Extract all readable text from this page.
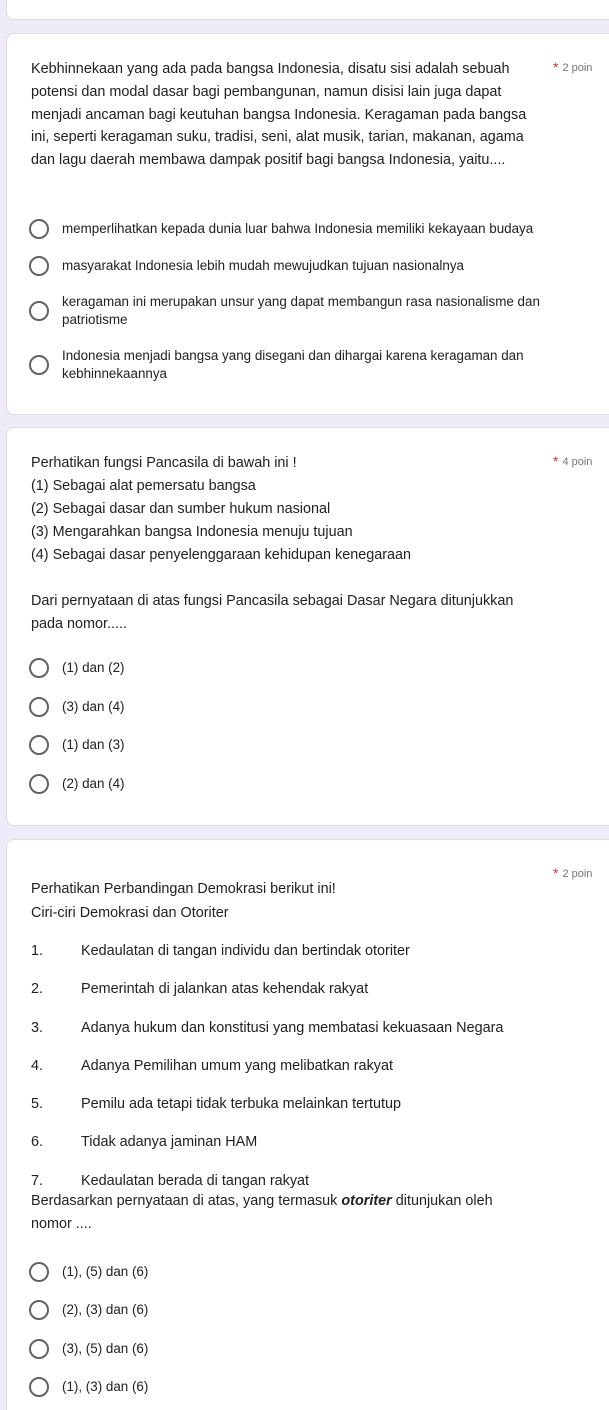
* 2 poin
Kebhinnekaan yang ada pada bangsa Indonesia, disatu sisi adalah sebuah potensi dan modal dasar bagi pembangunan, namun disisi lain juga dapat menjadi ancaman bagi keutuhan bangsa Indonesia. Keragaman pada bangsa ini, seperti keragaman suku, tradisi, seni, alat musik, tarian, makanan, agama dan lagu daerah membawa dampak positif bagi bangsa Indonesia, yaitu....
memperlihatkan kepada dunia luar bahwa Indonesia memiliki kekayaan budaya
masyarakat Indonesia lebih mudah mewujudkan tujuan nasionalnya
keragaman ini merupakan unsur yang dapat membangun rasa nasionalisme dan patriotisme
Indonesia menjadi bangsa yang disegani dan dihargai karena keragaman dan kebhinnekaannya
* 4 poin
Perhatikan fungsi Pancasila di bawah ini !
(1) Sebagai alat pemersatu bangsa
(2) Sebagai dasar dan sumber hukum nasional
(3) Mengarahkan bangsa Indonesia menuju tujuan
(4) Sebagai dasar penyelenggaraan kehidupan kenegaraan
Dari pernyataan di atas fungsi Pancasila sebagai Dasar Negara ditunjukkan pada nomor.....
(1) dan (2)
(3) dan (4)
(1) dan (3)
(2) dan (4)
* 2 poin
Perhatikan Perbandingan Demokrasi berikut ini!
Ciri-ciri Demokrasi dan Otoriter
1.	Kedaulatan di tangan individu dan bertindak otoriter
2.	Pemerintah di jalankan atas kehendak rakyat
3.	Adanya hukum dan konstitusi yang membatasi kekuasaan Negara
4.	Adanya Pemilihan umum yang melibatkan rakyat
5.	Pemilu ada tetapi tidak terbuka melainkan tertutup
6.	Tidak adanya jaminan HAM
7.	Kedaulatan berada di tangan rakyat
Berdasarkan pernyataan di atas, yang termasuk otoriter ditunjukan oleh nomor ....
(1), (5) dan (6)
(2), (3) dan (6)
(3), (5) dan (6)
(1), (3) dan (6)
